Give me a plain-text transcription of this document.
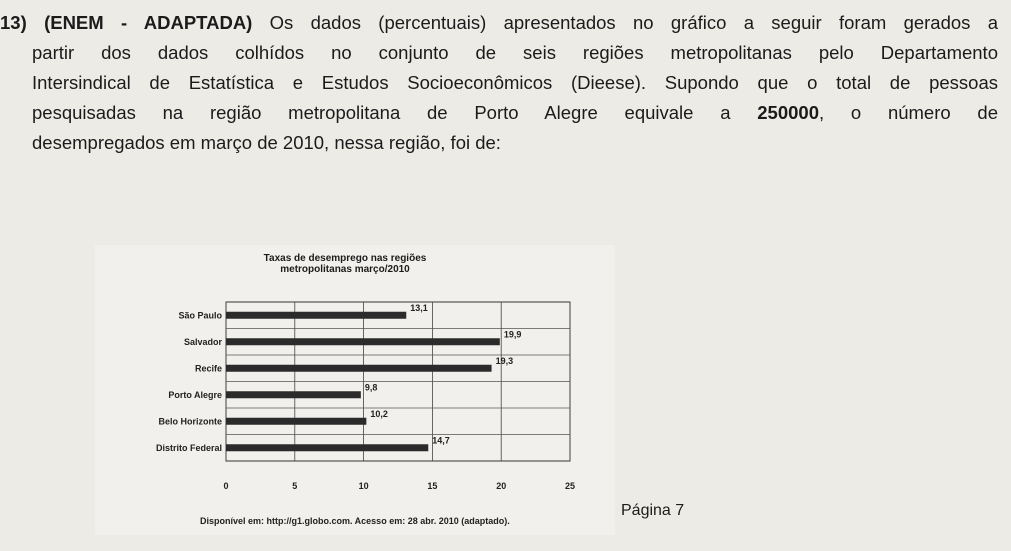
13) (ENEM - ADAPTADA) Os dados (percentuais) apresentados no gráfico a seguir foram gerados a
partir dos dados colhídos no conjunto de seis regiões metropolitanas pelo Departamento
Intersindical de Estatística e Estudos Socioeconômicos (Dieese). Supondo que o total de pessoas
pesquisadas na região metropolitana de Porto Alegre equivale a 250000, o número de
desempregados em março de 2010, nessa região, foi de:
Taxas de desemprego nas regiões
metropolitanas março/2010
0	5	10	15	20	25
São Paulo
13,1
Salvador
19,9
Recife
19,3
Porto Alegre
9,8
Belo Horizonte
10,2
Distrito Federal
14,7
Disponível em: http://g1.globo.com. Acesso em: 28 abr. 2010 (adaptado).
Página 7
